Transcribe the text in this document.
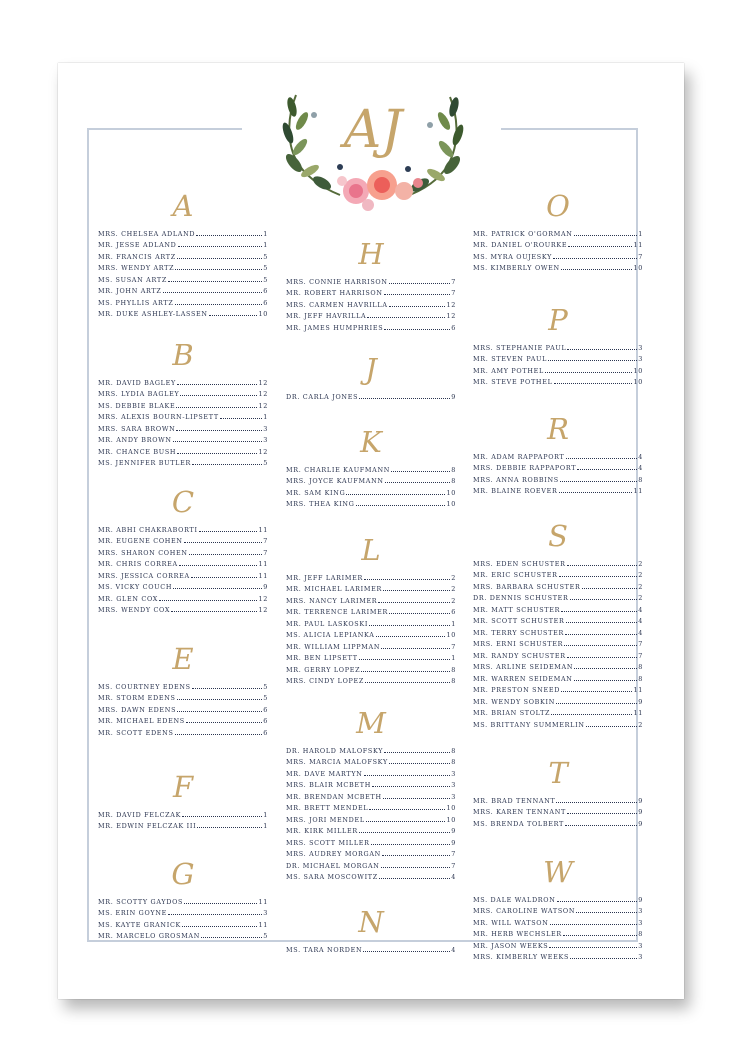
AJ
A
MRS. CHELSEA ADLAND	1
MR. JESSE ADLAND	1
MR. FRANCIS ARTZ	5
MRS. WENDY ARTZ	5
MS. SUSAN ARTZ	5
MR. JOHN ARTZ	6
MS. PHYLLIS ARTZ	6
MR. DUKE ASHLEY-LASSEN	10
B
MR. DAVID BAGLEY	12
MRS. LYDIA BAGLEY	12
MS. DEBBIE BLAKE	12
MRS. ALEXIS BOURN-LIPSETT	1
MRS. SARA BROWN	3
MR. ANDY BROWN	3
MR. CHANCE BUSH	12
MS. JENNIFER BUTLER	5
C
MR. ABHI CHAKRABORTI	11
MR. EUGENE COHEN	7
MRS. SHARON COHEN	7
MR. CHRIS CORREA	11
MRS. JESSICA CORREA	11
MS. VICKY COUCH	9
MR. GLEN COX	12
MRS. WENDY COX	12
E
MS. COURTNEY EDENS	5
MR. STORM EDENS	5
MRS. DAWN EDENS	6
MR. MICHAEL EDENS	6
MR. SCOTT EDENS	6
F
MR. DAVID FELCZAK	1
MR. EDWIN FELCZAK III	1
G
MR. SCOTTY GAYDOS	11
MS. ERIN GOYNE	3
MS. KAYTE GRANICK	11
MR. MARCELO GROSMAN	5
H
MRS. CONNIE HARRISON	7
MR. ROBERT HARRISON	7
MRS. CARMEN HAVRILLA	12
MR. JEFF HAVRILLA	12
MR. JAMES HUMPHRIES	6
J
DR. CARLA JONES	9
K
MR. CHARLIE KAUFMANN	8
MRS. JOYCE KAUFMANN	8
MR. SAM KING	10
MRS. THEA KING	10
L
MR. JEFF LARIMER	2
MR. MICHAEL LARIMER	2
MRS. NANCY LARIMER	2
MR. TERRENCE LARIMER	6
MR. PAUL LASKOSKI	1
MS. ALICIA LEPIANKA	10
MR. WILLIAM LIPPMAN	7
MR. BEN LIPSETT	1
MR. GERRY LOPEZ	8
MRS. CINDY LOPEZ	8
M
DR. HAROLD MALOFSKY	8
MRS. MARCIA MALOFSKY	8
MR. DAVE MARTYN	3
MRS. BLAIR MCBETH	3
MR. BRENDAN MCBETH	3
MR. BRETT MENDEL	10
MRS. JORI MENDEL	10
MR. KIRK MILLER	9
MRS. SCOTT MILLER	9
MRS. AUDREY MORGAN	7
DR. MICHAEL MORGAN	7
MS. SARA MOSCOWITZ	4
N
MS. TARA NORDEN	4
O
MR. PATRICK O'GORMAN	1
MR. DANIEL O'ROURKE	11
MS. MYRA OUJESKY	7
MS. KIMBERLY OWEN	10
P
MRS. STEPHANIE PAUL	3
MR. STEVEN PAUL	3
MR. AMY POTHEL	10
MR. STEVE POTHEL	10
R
MR. ADAM RAPPAPORT	4
MRS. DEBBIE RAPPAPORT	4
MRS. ANNA ROBBINS	8
MR. BLAINE ROEVER	11
S
MRS. EDEN SCHUSTER	2
MR. ERIC SCHUSTER	2
MRS. BARBARA SCHUSTER	2
DR. DENNIS SCHUSTER	2
MR. MATT SCHUSTER	4
MR. SCOTT SCHUSTER	4
MR. TERRY SCHUSTER	4
MRS. ERNI SCHUSTER	7
MR. RANDY SCHUSTER	7
MRS. ARLINE SEIDEMAN	8
MR. WARREN SEIDEMAN	8
MR. PRESTON SNEED	11
MR. WENDY SOBKIN	9
MR. BRIAN STOLTZ	11
MS. BRITTANY SUMMERLIN	2
T
MR. BRAD TENNANT	9
MRS. KAREN TENNANT	9
MS. BRENDA TOLBERT	9
W
MS. DALE WALDRON	9
MRS. CAROLINE WATSON	3
MR. WILL WATSON	3
MR. HERB WECHSLER	8
MR. JASON WEEKS	3
MRS. KIMBERLY WEEKS	3
